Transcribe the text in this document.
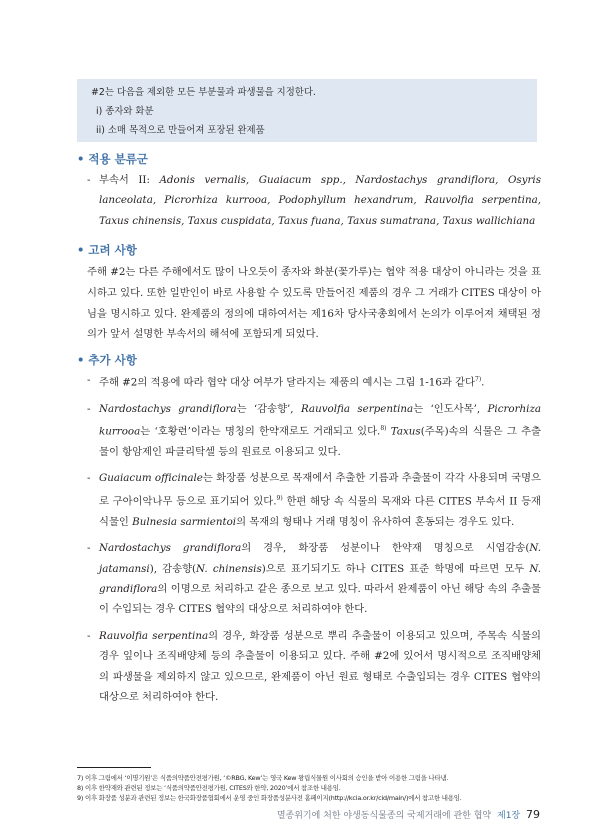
#2는 다음을 제외한 모든 부분물과 파생물을 지정한다.
i) 종자와 화분
ii) 소매 목적으로 만들어져 포장된 완제품
• 적용 분류군
- 부속서 II: Adonis vernalis, Guaiacum spp., Nardostachys grandiflora, Osyris lanceolata, Picrorhiza kurrooa, Podophyllum hexandrum, Rauvolfia serpentina, Taxus chinensis, Taxus cuspidata, Taxus fuana, Taxus sumatrana, Taxus wallichiana
• 고려 사항
주해 #2는 다른 주해에서도 많이 나오듯이 종자와 화분(꽃가루)는 협약 적용 대상이 아니라는 것을 표시하고 있다. 또한 일반인이 바로 사용할 수 있도록 만들어진 제품의 경우 그 거래가 CITES 대상이 아님을 명시하고 있다. 완제품의 정의에 대하여서는 제16차 당사국총회에서 논의가 이루어져 채택된 정의가 앞서 설명한 부속서의 해석에 포함되게 되었다.
• 추가 사항
- 주해 #2의 적용에 따라 협약 대상 여부가 달라지는 제품의 예시는 그림 1-16과 같다$^{7)}$.
- Nardostachys grandiflora는 ‘감송향’, Rauvolfia serpentina는 ‘인도사목’, Picrorhiza kurrooa는 ‘호황련’이라는 명칭의 한약재로도 거래되고 있다.$^{8)}$ Taxus(주목)속의 식물은 그 추출물이 항암제인 파클리탁셀 등의 원료로 이용되고 있다.
- Guaiacum officinale는 화장품 성분으로 목재에서 추출한 기름과 추출물이 각각 사용되며 국명으로 구아이악나무 등으로 표기되어 있다.$^{9)}$ 한편 해당 속 식물의 목재와 다른 CITES 부속서 II 등재 식물인 Bulnesia sarmientoi의 목재의 형태나 거래 명칭이 유사하여 혼동되는 경우도 있다.
- Nardostachys grandiflora의 경우, 화장품 성분이나 한약재 명칭으로 시엽감송(N. jatamansi), 감송향(N. chinensis)으로 표기되기도 하나 CITES 표준 학명에 따르면 모두 N. grandiflora의 이명으로 처리하고 같은 종으로 보고 있다. 따라서 완제품이 아닌 해당 속의 추출물이 수입되는 경우 CITES 협약의 대상으로 처리하여야 한다.
- Rauvolfia serpentina의 경우, 화장품 성분으로 뿌리 추출물이 이용되고 있으며, 주목속 식물의 경우 잎이나 조직배양체 등의 추출물이 이용되고 있다. 주해 #2에 있어서 명시적으로 조직배양체의 파생물을 제외하지 않고 있으므로, 완제품이 아닌 원료 형태로 수출입되는 경우 CITES 협약의 대상으로 처리하여야 한다.
7) 이후 그림에서 ‘이명기원’은 식품의약품안전평가원, ‘©RBG, Kew’는 영국 Kew 왕립식물원 이사회의 승인을 받아 이용한 그림을 나타냄.
8) 이후 한약재와 관련된 정보는 ‘식품의약품안전평가원, CITES와 한약, 2020’에서 참조한 내용임.
9) 이후 화장품 성분과 관련된 정보는 한국화장품협회에서 운영 중인 화장품성분사전 홈페이지(http://kcia.or.kr/cid/main/)에서 참고한 내용임.
멸종위기에 처한 야생동식물종의 국제거래에 관한 협약 제1장 79
